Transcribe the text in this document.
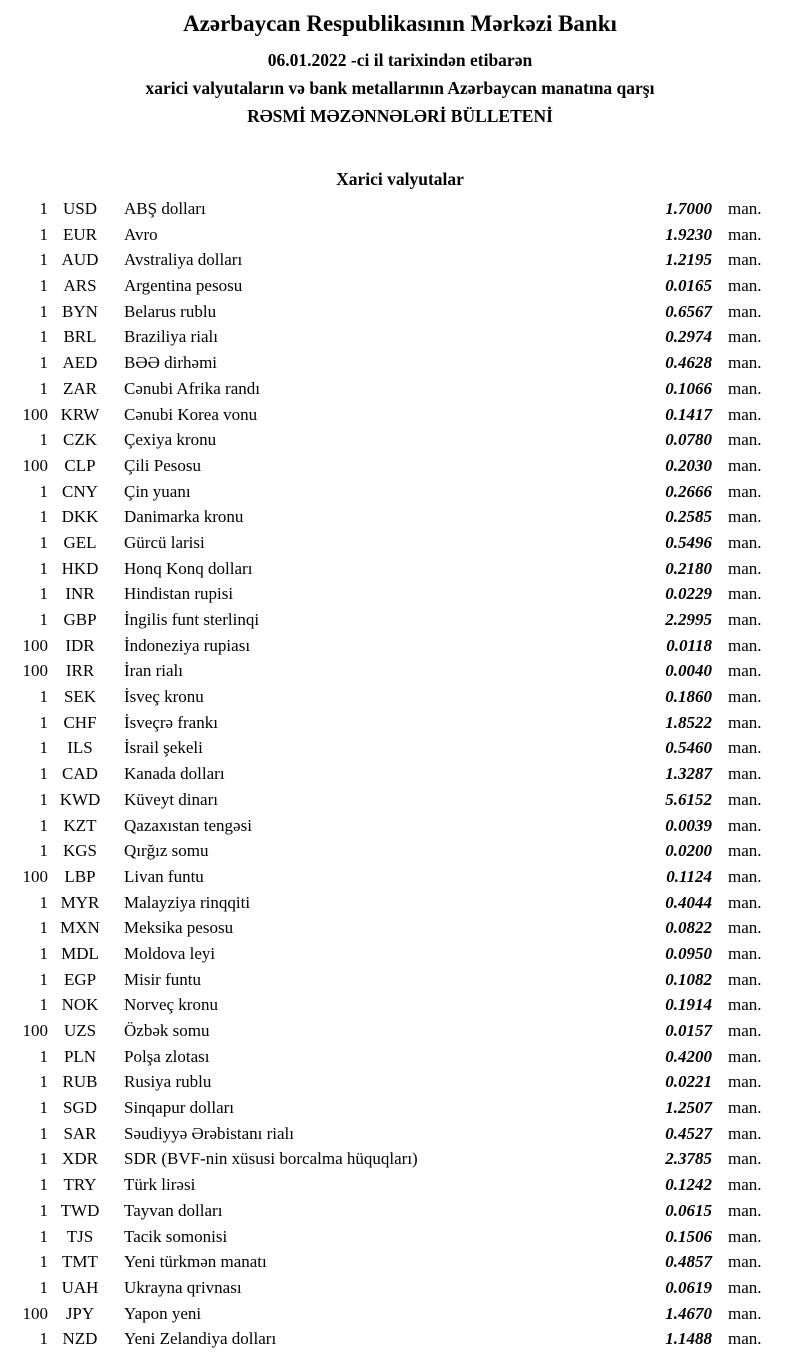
Azərbaycan Respublikasının Mərkəzi Bankı
06.01.2022 -ci il tarixindən etibarən
xarici valyutaların və bank metallarının Azərbaycan manatına qarşı
RƏSMİ MƏZƏNNƏLƏRİ BÜLLETENİ
Xarici valyutalar
1 USD	ABŞ dolları	1.7000 man.
1 EUR	Avro	1.9230 man.
1 AUD	Avstraliya dolları	1.2195 man.
1 ARS	Argentina pesosu	0.0165 man.
1 BYN	Belarus rublu	0.6567 man.
1 BRL	Braziliya rialı	0.2974 man.
1 AED	BƏƏ dirhəmi	0.4628 man.
1 ZAR	Cənubi Afrika randı	0.1066 man.
100 KRW	Cənubi Korea vonu	0.1417 man.
1 CZK	Çexiya kronu	0.0780 man.
100 CLP	Çili Pesosu	0.2030 man.
1 CNY	Çin yuanı	0.2666 man.
1 DKK	Danimarka kronu	0.2585 man.
1 GEL	Gürcü larisi	0.5496 man.
1 HKD	Honq Konq dolları	0.2180 man.
1	INR	Hindistan rupisi	0.0229 man.
1 GBP	İngilis funt sterlinqi	2.2995 man.
100	IDR	İndoneziya rupiası	0.0118 man.
100	IRR	İran rialı	0.0040 man.
1 SEK	İsveç kronu	0.1860 man.
1 CHF	İsveçrə frankı	1.8522 man.
1	ILS	İsrail şekeli	0.5460 man.
1 CAD	Kanada dolları	1.3287 man.
1 KWD	Küveyt dinarı	5.6152 man.
1 KZT	Qazaxıstan tengəsi	0.0039 man.
1 KGS	Qırğız somu	0.0200 man.
100 LBP	Livan funtu	0.1124 man.
1 MYR	Malayziya rinqqiti	0.4044 man.
1 MXN	Meksika pesosu	0.0822 man.
1 MDL	Moldova leyi	0.0950 man.
1 EGP	Misir funtu	0.1082 man.
1 NOK	Norveç kronu	0.1914 man.
100 UZS	Özbək somu	0.0157 man.
1 PLN	Polşa zlotası	0.4200 man.
1 RUB	Rusiya rublu	0.0221 man.
1 SGD	Sinqapur dolları	1.2507 man.
1 SAR	Səudiyyə Ərəbistanı rialı	0.4527 man.
1 XDR	SDR (BVF-nin xüsusi borcalma hüquqları)	2.3785 man.
1 TRY	Türk lirəsi	0.1242 man.
1 TWD	Tayvan dolları	0.0615 man.
1	TJS	Tacik somonisi	0.1506 man.
1 TMT	Yeni türkmən manatı	0.4857 man.
1 UAH	Ukrayna qrivnası	0.0619 man.
100	JPY	Yapon yeni	1.4670 man.
1 NZD	Yeni Zelandiya dolları	1.1488 man.
